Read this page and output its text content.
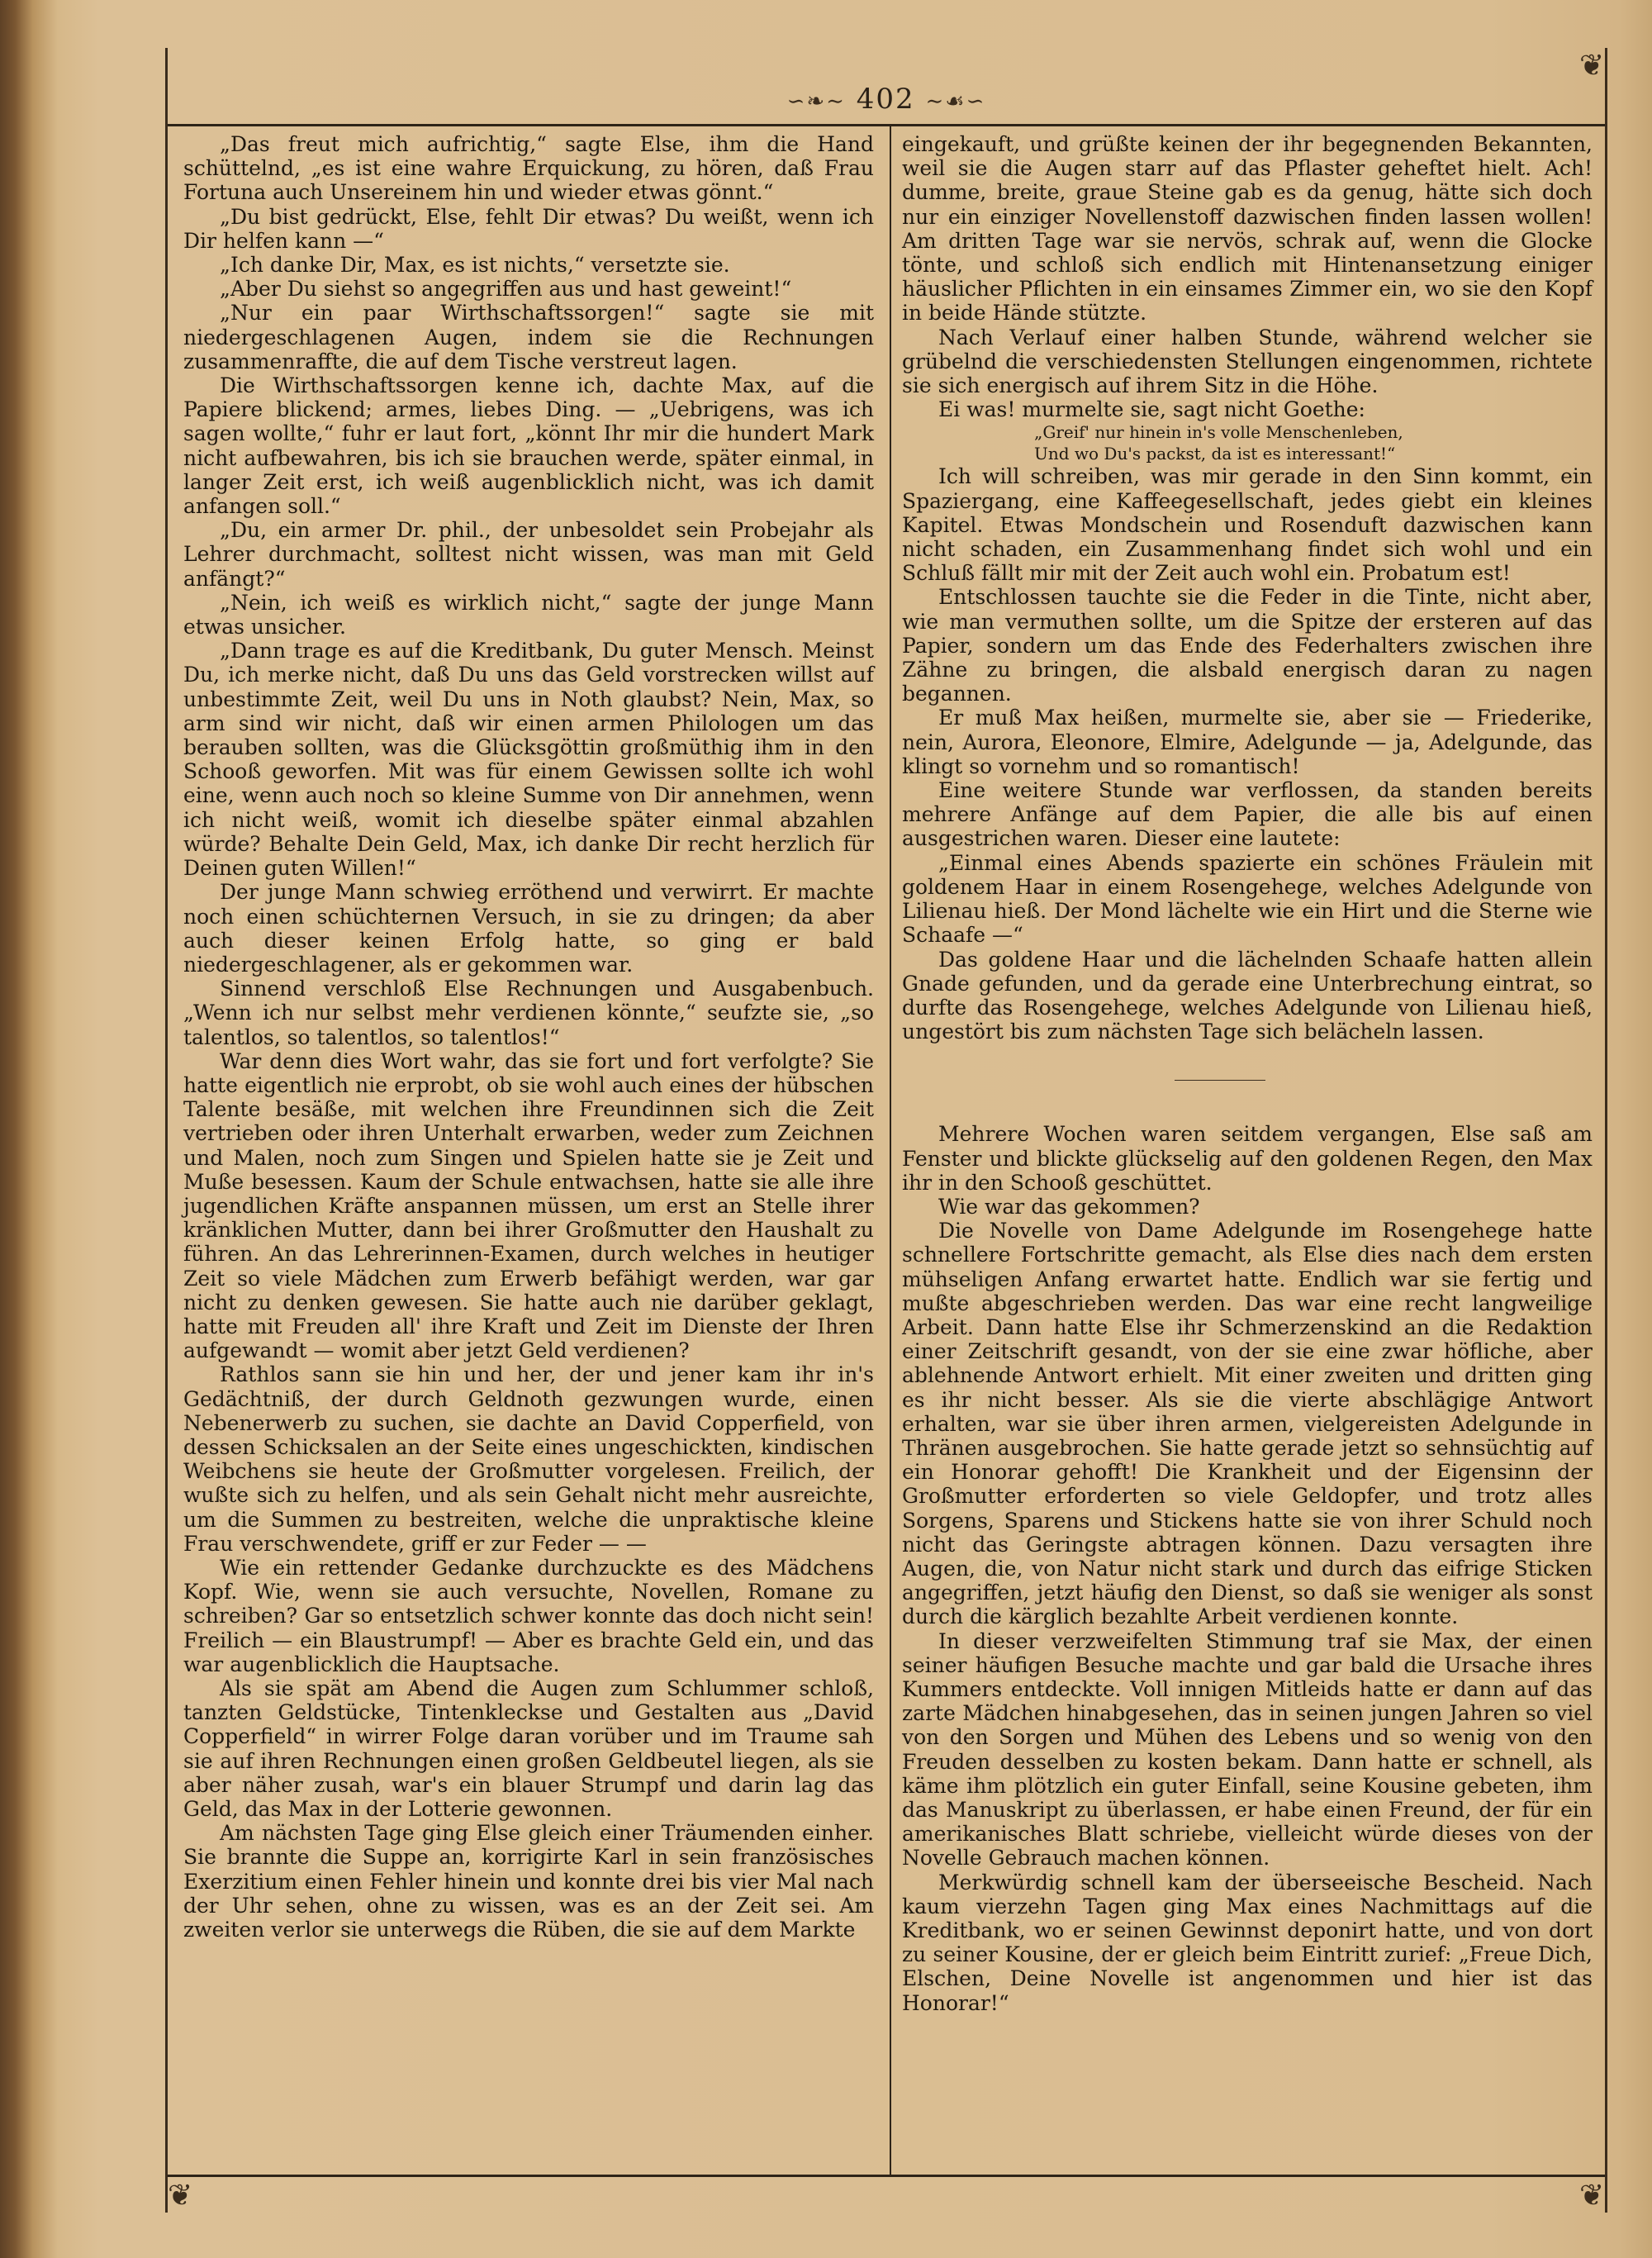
❦
❦	❦
∽❧∼ 402 ∼☙∽

„Das freut mich aufrichtig,“ sagte Else, ihm die Hand schüttelnd, „es ist eine wahre Erquickung, zu hören, daß Frau Fortuna auch Unsereinem hin und wieder etwas gönnt.“

„Du bist gedrückt, Else, fehlt Dir etwas? Du weißt, wenn ich Dir helfen kann —“

„Ich danke Dir, Max, es ist nichts,“ versetzte sie.

„Aber Du siehst so angegriffen aus und hast geweint!“

„Nur ein paar Wirthschaftssorgen!“ sagte sie mit niedergeschlagenen Augen, indem sie die Rechnungen zusammenraffte, die auf dem Tische verstreut lagen.

Die Wirthschaftssorgen kenne ich, dachte Max, auf die Papiere blickend; armes, liebes Ding. — „Uebrigens, was ich sagen wollte,“ fuhr er laut fort, „könnt Ihr mir die hundert Mark nicht aufbewahren, bis ich sie brauchen werde, später einmal, in langer Zeit erst, ich weiß augenblicklich nicht, was ich damit anfangen soll.“

„Du, ein armer Dr. phil., der unbesoldet sein Probejahr als Lehrer durchmacht, solltest nicht wissen, was man mit Geld anfängt?“

„Nein, ich weiß es wirklich nicht,“ sagte der junge Mann etwas unsicher.

„Dann trage es auf die Kreditbank, Du guter Mensch. Meinst Du, ich merke nicht, daß Du uns das Geld vorstrecken willst auf unbestimmte Zeit, weil Du uns in Noth glaubst? Nein, Max, so arm sind wir nicht, daß wir einen armen Philologen um das berauben sollten, was die Glücksgöttin großmüthig ihm in den Schooß geworfen. Mit was für einem Gewissen sollte ich wohl eine, wenn auch noch so kleine Summe von Dir annehmen, wenn ich nicht weiß, womit ich dieselbe später einmal abzahlen würde? Behalte Dein Geld, Max, ich danke Dir recht herzlich für Deinen guten Willen!“

Der junge Mann schwieg erröthend und verwirrt. Er machte noch einen schüchternen Versuch, in sie zu dringen; da aber auch dieser keinen Erfolg hatte, so ging er bald niedergeschlagener, als er gekommen war.

Sinnend verschloß Else Rechnungen und Ausgabenbuch. „Wenn ich nur selbst mehr verdienen könnte,“ seufzte sie, „so talentlos, so talentlos, so talentlos!“

War denn dies Wort wahr, das sie fort und fort verfolgte? Sie hatte eigentlich nie erprobt, ob sie wohl auch eines der hübschen Talente besäße, mit welchen ihre Freundinnen sich die Zeit vertrieben oder ihren Unterhalt erwarben, weder zum Zeichnen und Malen, noch zum Singen und Spielen hatte sie je Zeit und Muße besessen. Kaum der Schule entwachsen, hatte sie alle ihre jugendlichen Kräfte anspannen müssen, um erst an Stelle ihrer kränklichen Mutter, dann bei ihrer Großmutter den Haushalt zu führen. An das Lehrerinnen-Examen, durch welches in heutiger Zeit so viele Mädchen zum Erwerb befähigt werden, war gar nicht zu denken gewesen. Sie hatte auch nie darüber geklagt, hatte mit Freuden all' ihre Kraft und Zeit im Dienste der Ihren aufgewandt — womit aber jetzt Geld verdienen?

Rathlos sann sie hin und her, der und jener kam ihr in's Gedächtniß, der durch Geldnoth gezwungen wurde, einen Nebenerwerb zu suchen, sie dachte an David Copperfield, von dessen Schicksalen an der Seite eines ungeschickten, kindischen Weibchens sie heute der Großmutter vorgelesen. Freilich, der wußte sich zu helfen, und als sein Gehalt nicht mehr ausreichte, um die Summen zu bestreiten, welche die unpraktische kleine Frau verschwendete, griff er zur Feder — —

Wie ein rettender Gedanke durchzuckte es des Mädchens Kopf. Wie, wenn sie auch versuchte, Novellen, Romane zu schreiben? Gar so entsetzlich schwer konnte das doch nicht sein! Freilich — ein Blaustrumpf! — Aber es brachte Geld ein, und das war augenblicklich die Hauptsache.

Als sie spät am Abend die Augen zum Schlummer schloß, tanzten Geldstücke, Tintenkleckse und Gestalten aus „David Copperfield“ in wirrer Folge daran vorüber und im Traume sah sie auf ihren Rechnungen einen großen Geldbeutel liegen, als sie aber näher zusah, war's ein blauer Strumpf und darin lag das Geld, das Max in der Lotterie gewonnen.

Am nächsten Tage ging Else gleich einer Träumenden einher. Sie brannte die Suppe an, korrigirte Karl in sein französisches Exerzitium einen Fehler hinein und konnte drei bis vier Mal nach der Uhr sehen, ohne zu wissen, was es an der Zeit sei. Am zweiten verlor sie unterwegs die Rüben, die sie auf dem Markte

eingekauft, und grüßte keinen der ihr begegnenden Bekannten, weil sie die Augen starr auf das Pflaster geheftet hielt. Ach! dumme, breite, graue Steine gab es da genug, hätte sich doch nur ein einziger Novellenstoff dazwischen finden lassen wollen! Am dritten Tage war sie nervös, schrak auf, wenn die Glocke tönte, und schloß sich endlich mit Hintenansetzung einiger häuslicher Pflichten in ein einsames Zimmer ein, wo sie den Kopf in beide Hände stützte.

Nach Verlauf einer halben Stunde, während welcher sie grübelnd die verschiedensten Stellungen eingenommen, richtete sie sich energisch auf ihrem Sitz in die Höhe.

Ei was! murmelte sie, sagt nicht Goethe:

„Greif' nur hinein in's volle Menschenleben,

Und wo Du's packst, da ist es interessant!“

Ich will schreiben, was mir gerade in den Sinn kommt, ein Spaziergang, eine Kaffeegesellschaft, jedes giebt ein kleines Kapitel. Etwas Mondschein und Rosenduft dazwischen kann nicht schaden, ein Zusammenhang findet sich wohl und ein Schluß fällt mir mit der Zeit auch wohl ein. Probatum est!

Entschlossen tauchte sie die Feder in die Tinte, nicht aber, wie man vermuthen sollte, um die Spitze der ersteren auf das Papier, sondern um das Ende des Federhalters zwischen ihre Zähne zu bringen, die alsbald energisch daran zu nagen begannen.

Er muß Max heißen, murmelte sie, aber sie — Friederike, nein, Aurora, Eleonore, Elmire, Adelgunde — ja, Adelgunde, das klingt so vornehm und so romantisch!

Eine weitere Stunde war verflossen, da standen bereits mehrere Anfänge auf dem Papier, die alle bis auf einen ausgestrichen waren. Dieser eine lautete:

„Einmal eines Abends spazierte ein schönes Fräulein mit goldenem Haar in einem Rosengehege, welches Adelgunde von Lilienau hieß. Der Mond lächelte wie ein Hirt und die Sterne wie Schaafe —“

Das goldene Haar und die lächelnden Schaafe hatten allein Gnade gefunden, und da gerade eine Unterbrechung eintrat, so durfte das Rosengehege, welches Adelgunde von Lilienau hieß, ungestört bis zum nächsten Tage sich belächeln lassen.

Mehrere Wochen waren seitdem vergangen, Else saß am Fenster und blickte glückselig auf den goldenen Regen, den Max ihr in den Schooß geschüttet.

Wie war das gekommen?

Die Novelle von Dame Adelgunde im Rosengehege hatte schnellere Fortschritte gemacht, als Else dies nach dem ersten mühseligen Anfang erwartet hatte. Endlich war sie fertig und mußte abgeschrieben werden. Das war eine recht langweilige Arbeit. Dann hatte Else ihr Schmerzenskind an die Redaktion einer Zeitschrift gesandt, von der sie eine zwar höfliche, aber ablehnende Antwort erhielt. Mit einer zweiten und dritten ging es ihr nicht besser. Als sie die vierte abschlägige Antwort erhalten, war sie über ihren armen, vielgereisten Adelgunde in Thränen ausgebrochen. Sie hatte gerade jetzt so sehnsüchtig auf ein Honorar gehofft! Die Krankheit und der Eigensinn der Großmutter erforderten so viele Geldopfer, und trotz alles Sorgens, Sparens und Stickens hatte sie von ihrer Schuld noch nicht das Geringste abtragen können. Dazu versagten ihre Augen, die, von Natur nicht stark und durch das eifrige Sticken angegriffen, jetzt häufig den Dienst, so daß sie weniger als sonst durch die kärglich bezahlte Arbeit verdienen konnte.

In dieser verzweifelten Stimmung traf sie Max, der einen seiner häufigen Besuche machte und gar bald die Ursache ihres Kummers entdeckte. Voll innigen Mitleids hatte er dann auf das zarte Mädchen hinabgesehen, das in seinen jungen Jahren so viel von den Sorgen und Mühen des Lebens und so wenig von den Freuden desselben zu kosten bekam. Dann hatte er schnell, als käme ihm plötzlich ein guter Einfall, seine Kousine gebeten, ihm das Manuskript zu überlassen, er habe einen Freund, der für ein amerikanisches Blatt schriebe, vielleicht würde dieses von der Novelle Gebrauch machen können.

Merkwürdig schnell kam der überseeische Bescheid. Nach kaum vierzehn Tagen ging Max eines Nachmittags auf die Kreditbank, wo er seinen Gewinnst deponirt hatte, und von dort zu seiner Kousine, der er gleich beim Eintritt zurief: „Freue Dich, Elschen, Deine Novelle ist angenommen und hier ist das Honorar!“
